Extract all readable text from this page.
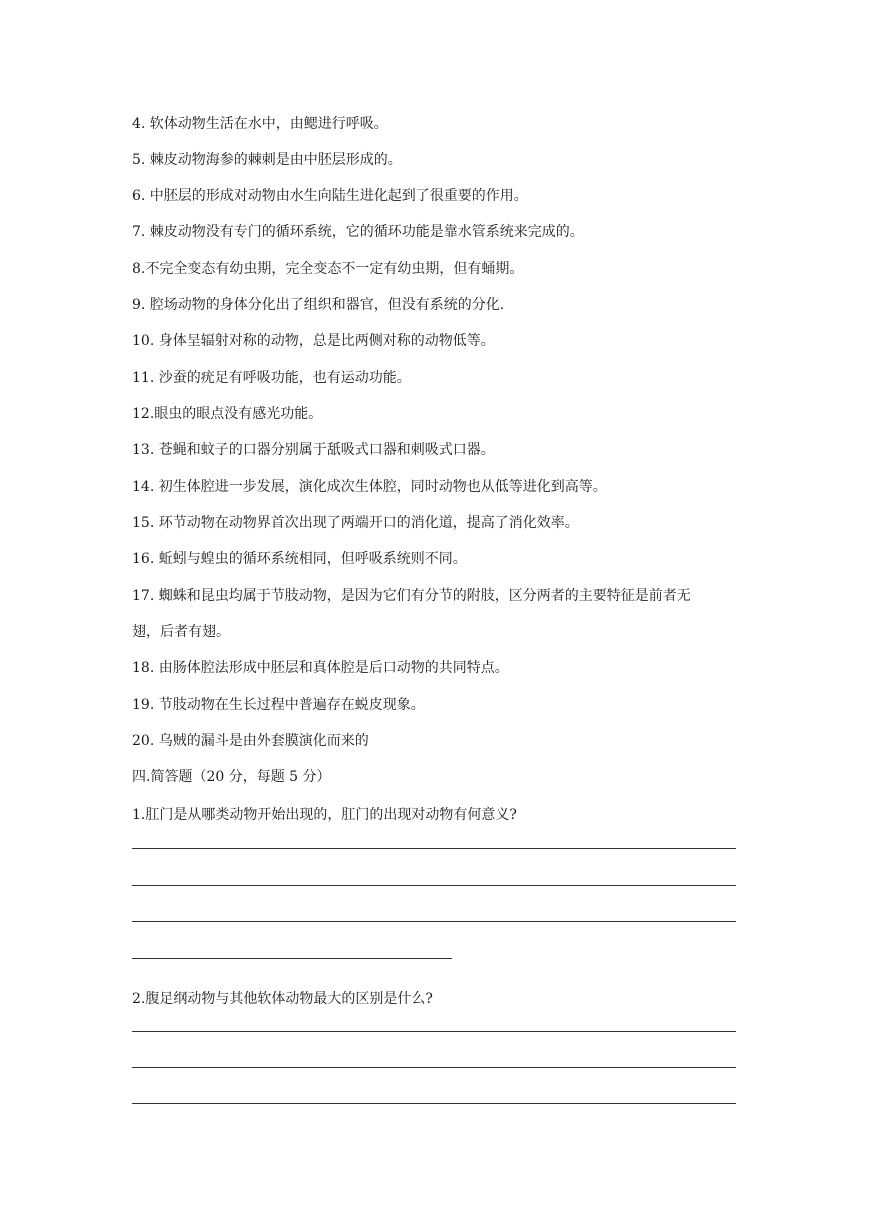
4. 软体动物生活在水中，由鳃进行呼吸。
5. 棘皮动物海参的棘刺是由中胚层形成的。
6. 中胚层的形成对动物由水生向陆生进化起到了很重要的作用。
7. 棘皮动物没有专门的循环系统，它的循环功能是靠水管系统来完成的。
8.不完全变态有幼虫期，完全变态不一定有幼虫期，但有蛹期。
9. 腔场动物的身体分化出了组织和器官，但没有系统的分化.
10. 身体呈辐射对称的动物，总是比两侧对称的动物低等。
11. 沙蚕的疣足有呼吸功能，也有运动功能。
12.眼虫的眼点没有感光功能。
13. 苍蝇和蚊子的口器分别属于舐吸式口器和刺吸式口器。
14. 初生体腔进一步发展，演化成次生体腔，同时动物也从低等进化到高等。
15. 环节动物在动物界首次出现了两端开口的消化道，提高了消化效率。
16. 蚯蚓与蝗虫的循环系统相同，但呼吸系统则不同。
17. 蜘蛛和昆虫均属于节肢动物，是因为它们有分节的附肢，区分两者的主要特征是前者无
翅，后者有翅。
18. 由肠体腔法形成中胚层和真体腔是后口动物的共同特点。
19. 节肢动物在生长过程中普遍存在蜕皮现象。
20. 乌贼的漏斗是由外套膜演化而来的
四.简答题（20 分，每题 5 分）
1.肛门是从哪类动物开始出现的，肛门的出现对动物有何意义?
2.腹足纲动物与其他软体动物最大的区别是什么?
